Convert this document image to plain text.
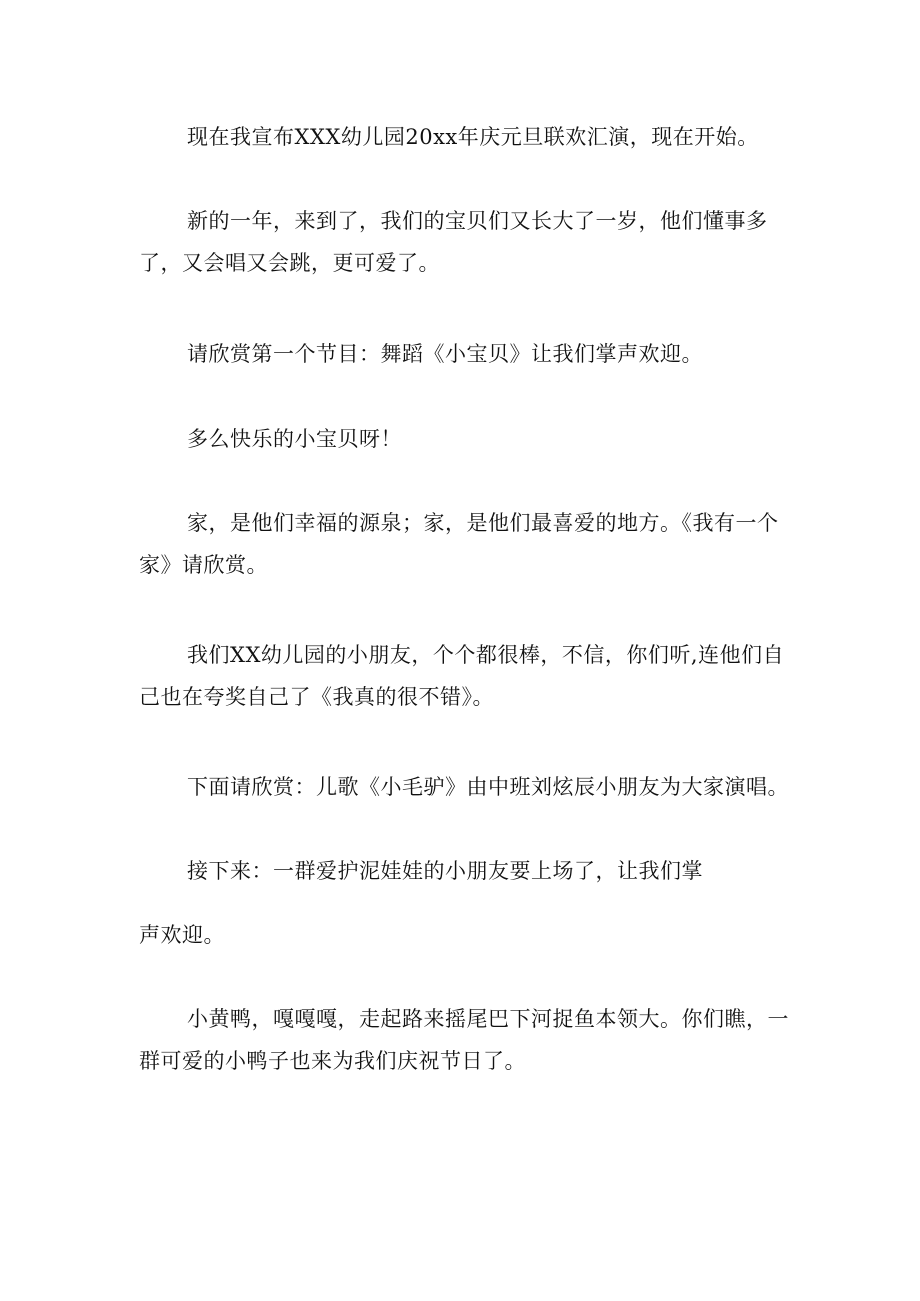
现在我宣布XXX幼儿园20xx年庆元旦联欢汇演，现在开始。

新的一年，来到了，我们的宝贝们又长大了一岁，他们懂事多了，又会唱又会跳，更可爱了。

请欣赏第一个节目：舞蹈《小宝贝》让我们掌声欢迎。

多么快乐的小宝贝呀！

家，是他们幸福的源泉；家，是他们最喜爱的地方。《我有一个家》请欣赏。

我们XX幼儿园的小朋友，个个都很棒，不信，你们听,连他们自己也在夸奖自己了《我真的很不错》。

下面请欣赏：儿歌《小毛驴》由中班刘炫辰小朋友为大家演唱。

接下来：一群爱护泥娃娃的小朋友要上场了，让我们掌

声欢迎。

小黄鸭，嘎嘎嘎，走起路来摇尾巴下河捉鱼本领大。你们瞧，一群可爱的小鸭子也来为我们庆祝节日了。
